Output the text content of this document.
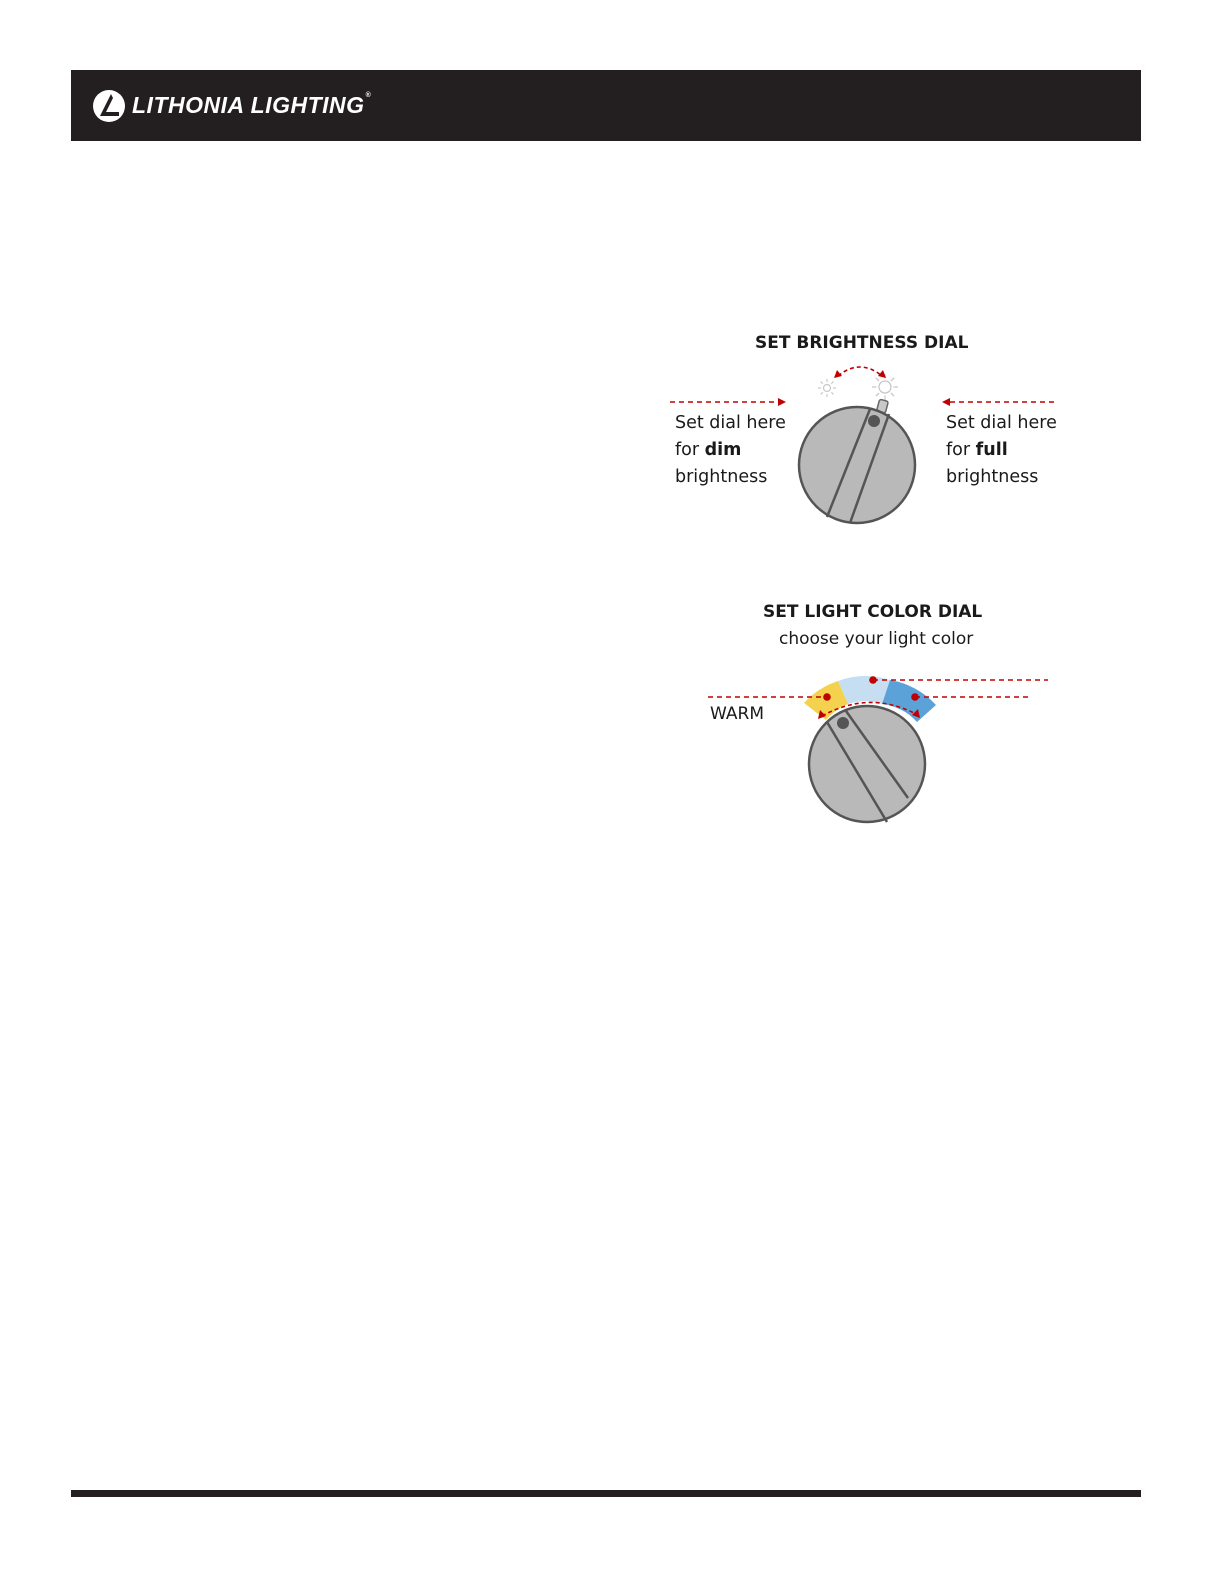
LITHONIA LIGHTING®
SET BRIGHTNESS DIAL
Set dial here
for dim
brightness
Set dial here
for full
brightness
SET LIGHT COLOR DIAL
choose your light color
WARM
